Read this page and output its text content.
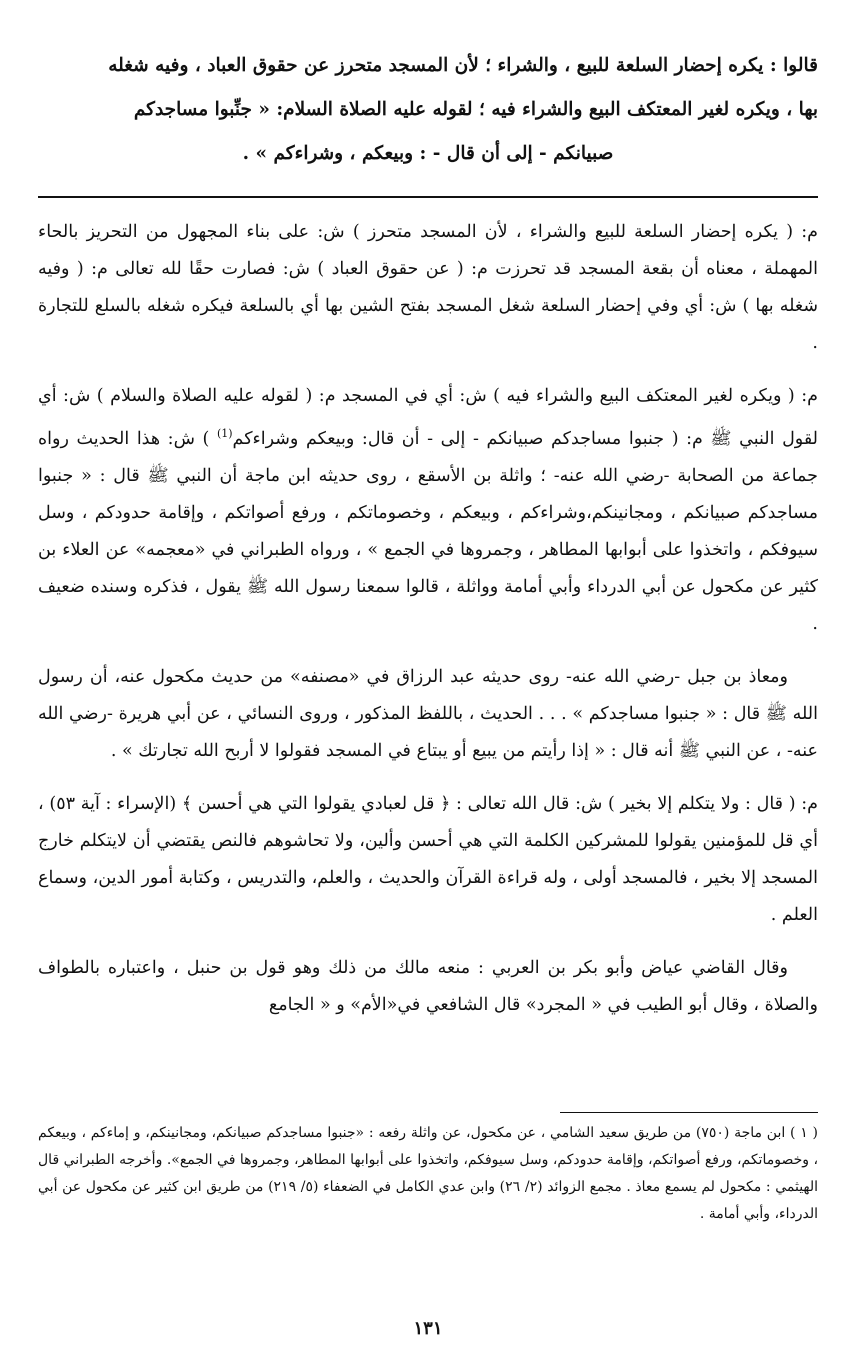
قالوا : يكره إحضار السلعة للبيع ، والشراء ؛ لأن المسجد متحرز عن حقوق العباد ، وفيه شغله
بها ، ويكره لغير المعتكف البيع والشراء فيه ؛ لقوله عليه الصلاة السلام: « جنِّبوا مساجدكم
صبيانكم - إلى أن قال - : وبيعكم ، وشراءكم » .

م: ( يكره إحضار السلعة للبيع والشراء ، لأن المسجد متحرز ) ش: على بناء المجهول من التحريز بالحاء المهملة ، معناه أن بقعة المسجد قد تحرزت م: ( عن حقوق العباد ) ش: فصارت حقًا لله تعالى م: ( وفيه شغله بها ) ش: أي وفي إحضار السلعة شغل المسجد بفتح الشين بها أي بالسلعة فيكره شغله بالسلع للتجارة .

م: ( ويكره لغير المعتكف البيع والشراء فيه ) ش: أي في المسجد م: ( لقوله عليه الصلاة والسلام ) ش: أي لقول النبي ﷺ م: ( جنبوا مساجدكم صبيانكم - إلى - أن قال: وبيعكم وشراءكم$^{(1)}$ ) ش: هذا الحديث رواه جماعة من الصحابة -رضي الله عنه- ؛ واثلة بن الأسقع ، روى حديثه ابن ماجة أن النبي ﷺ قال : « جنبوا مساجدكم صبيانكم ، ومجانينكم،وشراءكم ، وبيعكم ، وخصوماتكم ، ورفع أصواتكم ، وإقامة حدودكم ، وسل سيوفكم ، واتخذوا على أبوابها المطاهر ، وجمروها في الجمع » ، ورواه الطبراني في «معجمه» عن العلاء بن كثير عن مكحول عن أبي الدرداء وأبي أمامة وواثلة ، قالوا سمعنا رسول الله ﷺ يقول ، فذكره وسنده ضعيف .

ومعاذ بن جبل -رضي الله عنه- روى حديثه عبد الرزاق في «مصنفه» من حديث مكحول عنه، أن رسول الله ﷺ قال : « جنبوا مساجدكم » . . . الحديث ، باللفظ المذكور ، وروى النسائي ، عن أبي هريرة -رضي الله عنه- ، عن النبي ﷺ أنه قال : « إذا رأيتم من يبيع أو يبتاع في المسجد فقولوا لا أربح الله تجارتك » .

م: ( قال : ولا يتكلم إلا بخير ) ش: قال الله تعالى : ﴿ قل لعبادي يقولوا التي هي أحسن ﴾ (الإسراء : آية ٥٣) ، أي قل للمؤمنين يقولوا للمشركين الكلمة التي هي أحسن وألين، ولا تحاشوهم فالنص يقتضي أن لايتكلم خارج المسجد إلا بخير ، فالمسجد أولى ، وله قراءة القرآن والحديث ، والعلم، والتدريس ، وكتابة أمور الدين، وسماع العلم .

وقال القاضي عياض وأبو بكر بن العربي : منعه مالك من ذلك وهو قول بن حنبل ، واعتباره بالطواف والصلاة ، وقال أبو الطيب في « المجرد» قال الشافعي في«الأم» و « الجامع

( ١ ) ابن ماجة (٧٥٠) من طريق سعيد الشامي ، عن مكحول، عن واثلة رفعه : «جنبوا مساجدكم صبيانكم، ومجانينكم، و إماءكم ، وبيعكم ، وخصوماتكم، ورفع أصواتكم، وإقامة حدودكم، وسل سيوفكم، واتخذوا على أبوابها المطاهر، وجمروها في الجمع». وأخرجه الطبراني قال الهيثمي : مكحول لم يسمع معاذ . مجمع الزوائد (٢/ ٢٦) وابن عدي الكامل في الضعفاء (٥/ ٢١٩) من طريق ابن كثير عن مكحول عن أبي الدرداء، وأبي أمامة .
١٣١
